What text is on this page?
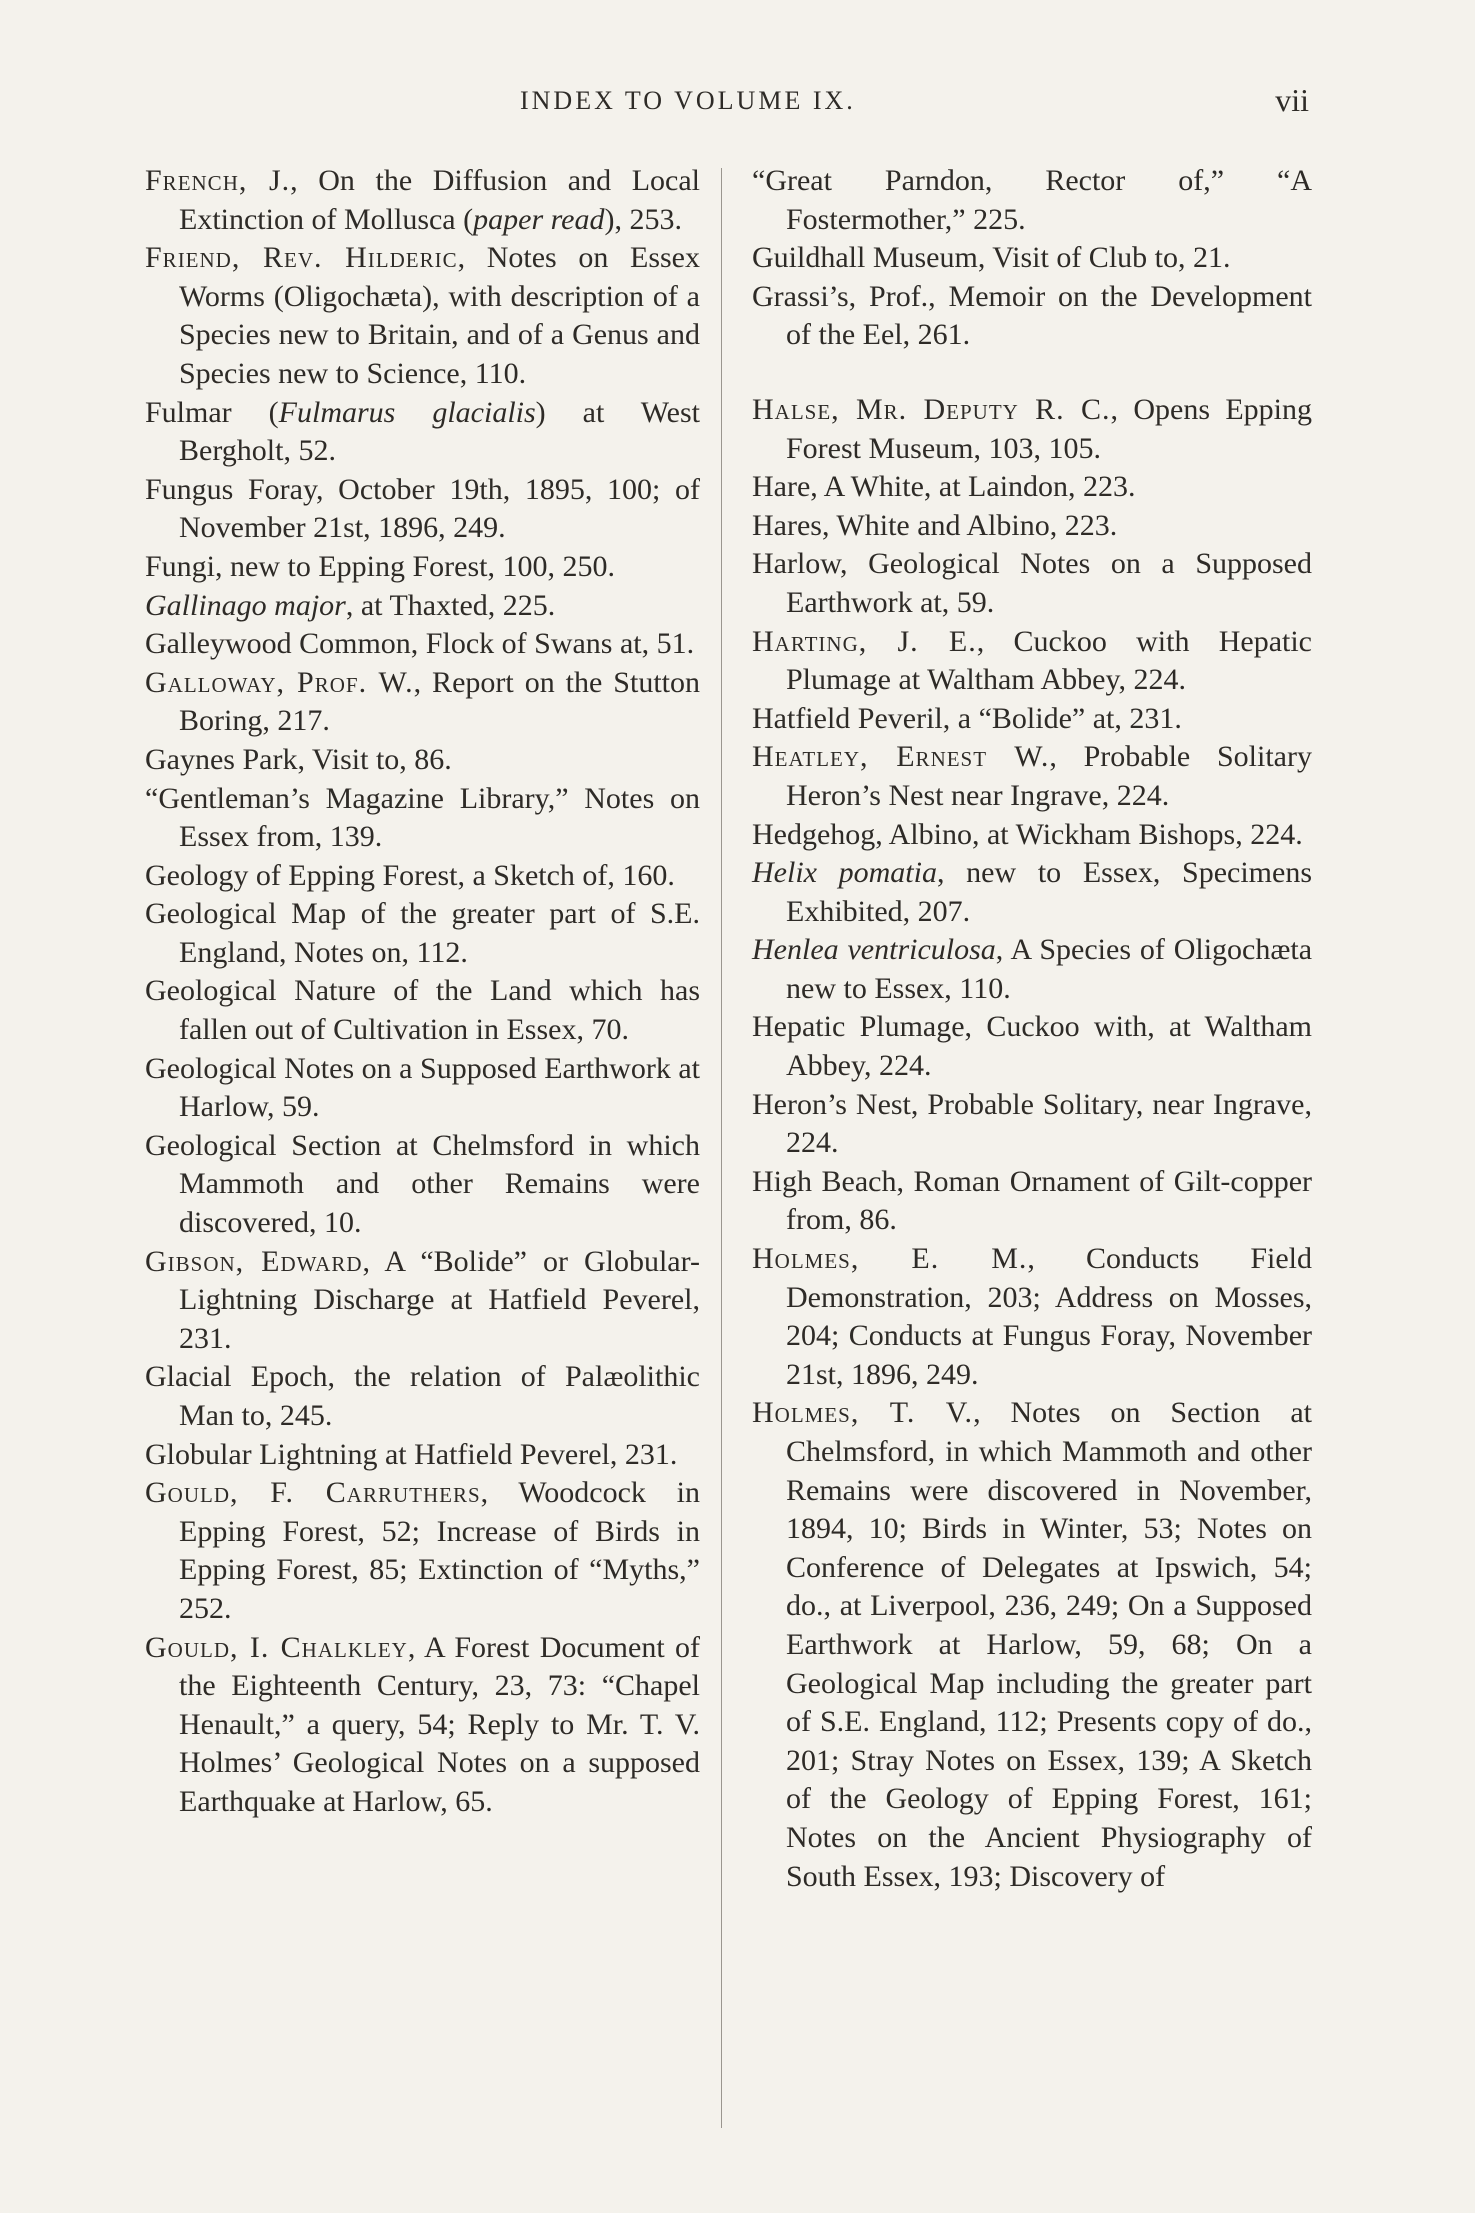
INDEX TO VOLUME IX.	vii

French, J., On the Diffusion and Local Extinction of Mollusca (paper read), 253.

Friend, Rev. Hilderic, Notes on Essex Worms (Oligochæta), with description of a Species new to Britain, and of a Genus and Species new to Science, 110.

Fulmar (Fulmarus glacialis) at West Bergholt, 52.

Fungus Foray, October 19th, 1895, 100; of November 21st, 1896, 249.

Fungi, new to Epping Forest, 100, 250.

Gallinago major, at Thaxted, 225.

Galleywood Common, Flock of Swans at, 51.

Galloway, Prof. W., Report on the Stutton Boring, 217.

Gaynes Park, Visit to, 86.

“Gentleman’s Magazine Library,” Notes on Essex from, 139.

Geology of Epping Forest, a Sketch of, 160.

Geological Map of the greater part of S.E. England, Notes on, 112.

Geological Nature of the Land which has fallen out of Cultivation in Essex, 70.

Geological Notes on a Supposed Earthwork at Harlow, 59.

Geological Section at Chelmsford in which Mammoth and other Remains were discovered, 10.

Gibson, Edward, A “Bolide” or Globular-Lightning Discharge at Hatfield Peverel, 231.

Glacial Epoch, the relation of Palæolithic Man to, 245.

Globular Lightning at Hatfield Peverel, 231.

Gould, F. Carruthers, Woodcock in Epping Forest, 52; Increase of Birds in Epping Forest, 85; Extinction of “Myths,” 252.

Gould, I. Chalkley, A Forest Document of the Eighteenth Century, 23, 73: “Chapel Henault,” a query, 54; Reply to Mr. T. V. Holmes’ Geological Notes on a supposed Earthquake at Harlow, 65.

“Great Parndon, Rector of,” “A Fostermother,” 225.

Guildhall Museum, Visit of Club to, 21.

Grassi’s, Prof., Memoir on the Development of the Eel, 261.

Halse, Mr. Deputy R. C., Opens Epping Forest Museum, 103, 105.

Hare, A White, at Laindon, 223.

Hares, White and Albino, 223.

Harlow, Geological Notes on a Supposed Earthwork at, 59.

Harting, J. E., Cuckoo with Hepatic Plumage at Waltham Abbey, 224.

Hatfield Peveril, a “Bolide” at, 231.

Heatley, Ernest W., Probable Solitary Heron’s Nest near Ingrave, 224.

Hedgehog, Albino, at Wickham Bishops, 224.

Helix pomatia, new to Essex, Specimens Exhibited, 207.

Henlea ventriculosa, A Species of Oligochæta new to Essex, 110.

Hepatic Plumage, Cuckoo with, at Waltham Abbey, 224.

Heron’s Nest, Probable Solitary, near Ingrave, 224.

High Beach, Roman Ornament of Gilt-copper from, 86.

Holmes, E. M., Conducts Field Demonstration, 203; Address on Mosses, 204; Conducts at Fungus Foray, November 21st, 1896, 249.

Holmes, T. V., Notes on Section at Chelmsford, in which Mammoth and other Remains were discovered in November, 1894, 10; Birds in Winter, 53; Notes on Conference of Delegates at Ipswich, 54; do., at Liverpool, 236, 249; On a Supposed Earthwork at Harlow, 59, 68; On a Geological Map including the greater part of S.E. England, 112; Presents copy of do., 201; Stray Notes on Essex, 139; A Sketch of the Geology of Epping Forest, 161; Notes on the Ancient Physiography of South Essex, 193; Discovery of
